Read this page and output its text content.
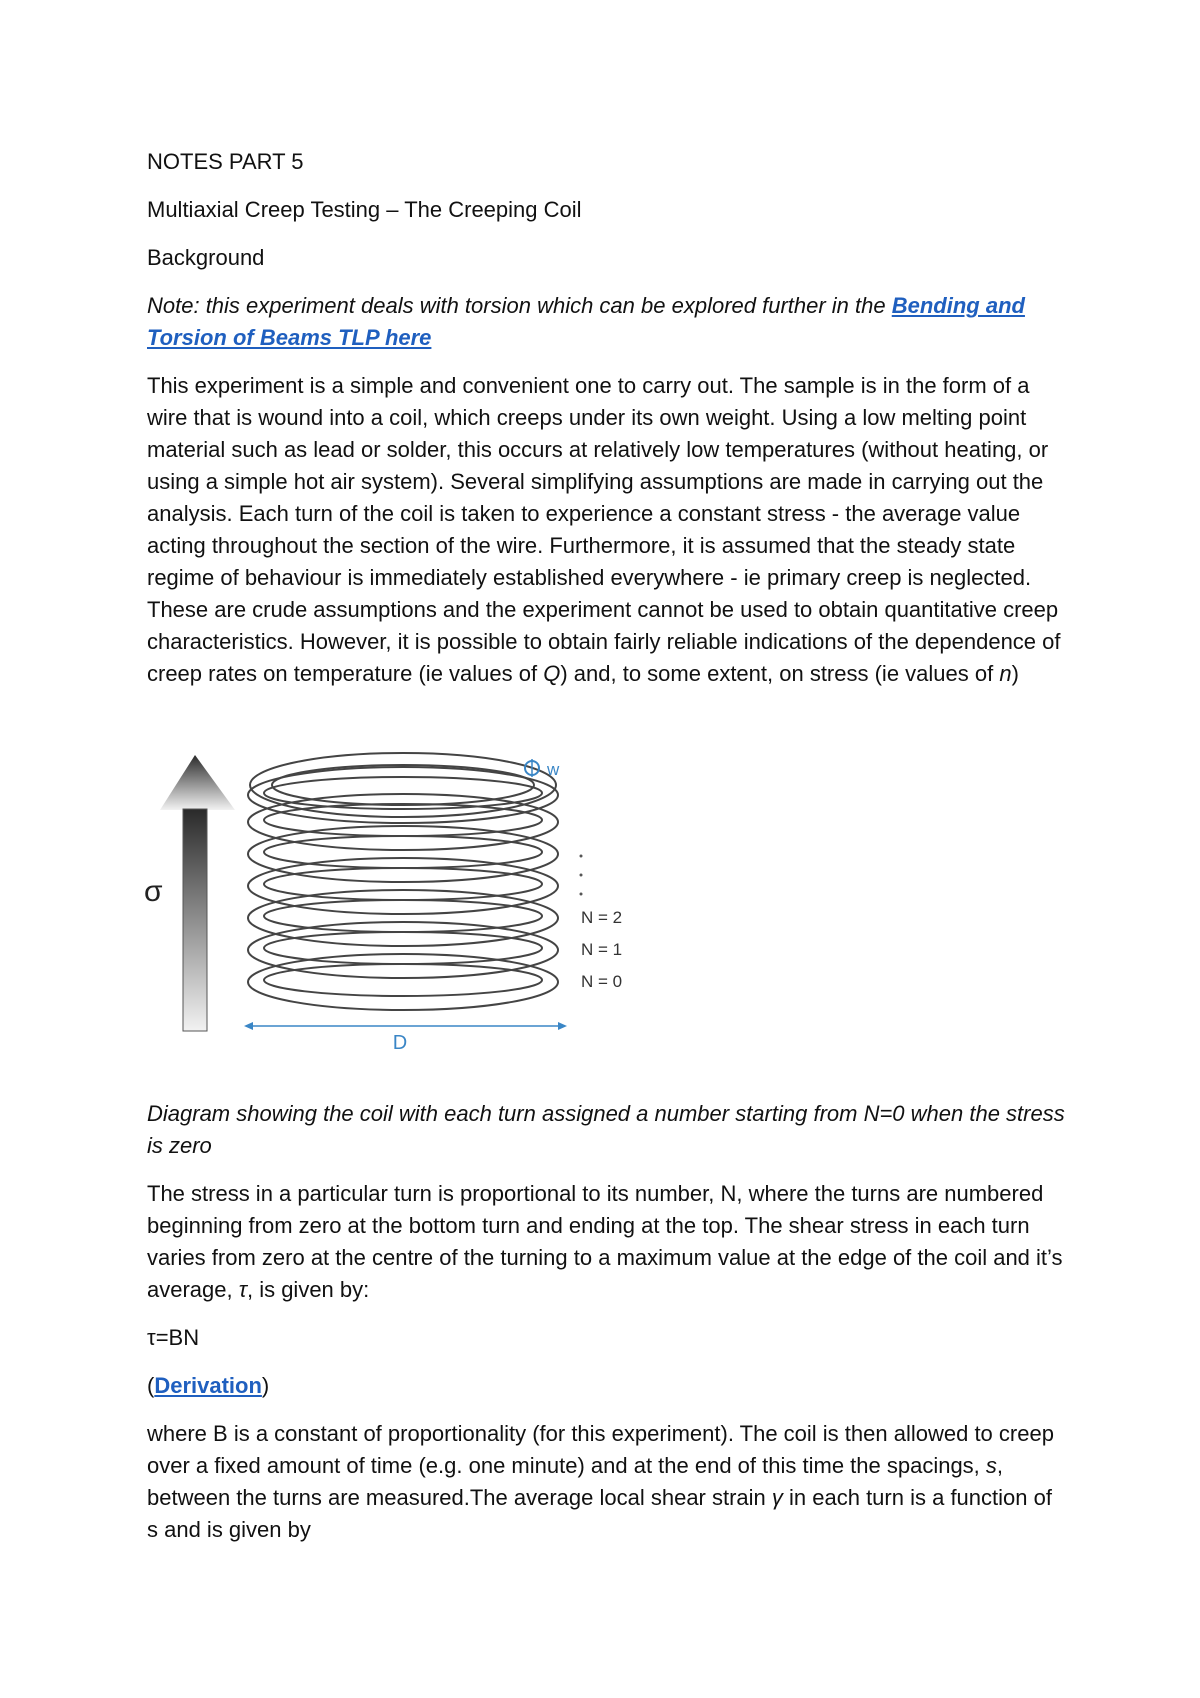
NOTES PART 5

Multiaxial Creep Testing – The Creeping Coil

Background

Note: this experiment deals with torsion which can be explored further in the Bending and Torsion of Beams TLP here

This experiment is a simple and convenient one to carry out. The sample is in the form of a wire that is wound into a coil, which creeps under its own weight. Using a low melting point material such as lead or solder, this occurs at relatively low temperatures (without heating, or using a simple hot air system). Several simplifying assumptions are made in carrying out the analysis. Each turn of the coil is taken to experience a constant stress - the average value acting throughout the section of the wire. Furthermore, it is assumed that the steady state regime of behaviour is immediately established everywhere - ie primary creep is neglected. These are crude assumptions and the experiment cannot be used to obtain quantitative creep characteristics. However, it is possible to obtain fairly reliable indications of the dependence of creep rates on temperature (ie values of Q) and, to some extent, on stress (ie values of n)

σ
w
N = 2
N = 1
N = 0
D

Diagram showing the coil with each turn assigned a number starting from N=0 when the stress is zero

The stress in a particular turn is proportional to its number, N, where the turns are numbered beginning from zero at the bottom turn and ending at the top. The shear stress in each turn varies from zero at the centre of the turning to a maximum value at the edge of the coil and it’s average, τ, is given by:

τ=BN

(Derivation)

where B is a constant of proportionality (for this experiment). The coil is then allowed to creep over a fixed amount of time (e.g. one minute) and at the end of this time the spacings, s, between the turns are measured.The average local shear strain γ in each turn is a function of s and is given by
